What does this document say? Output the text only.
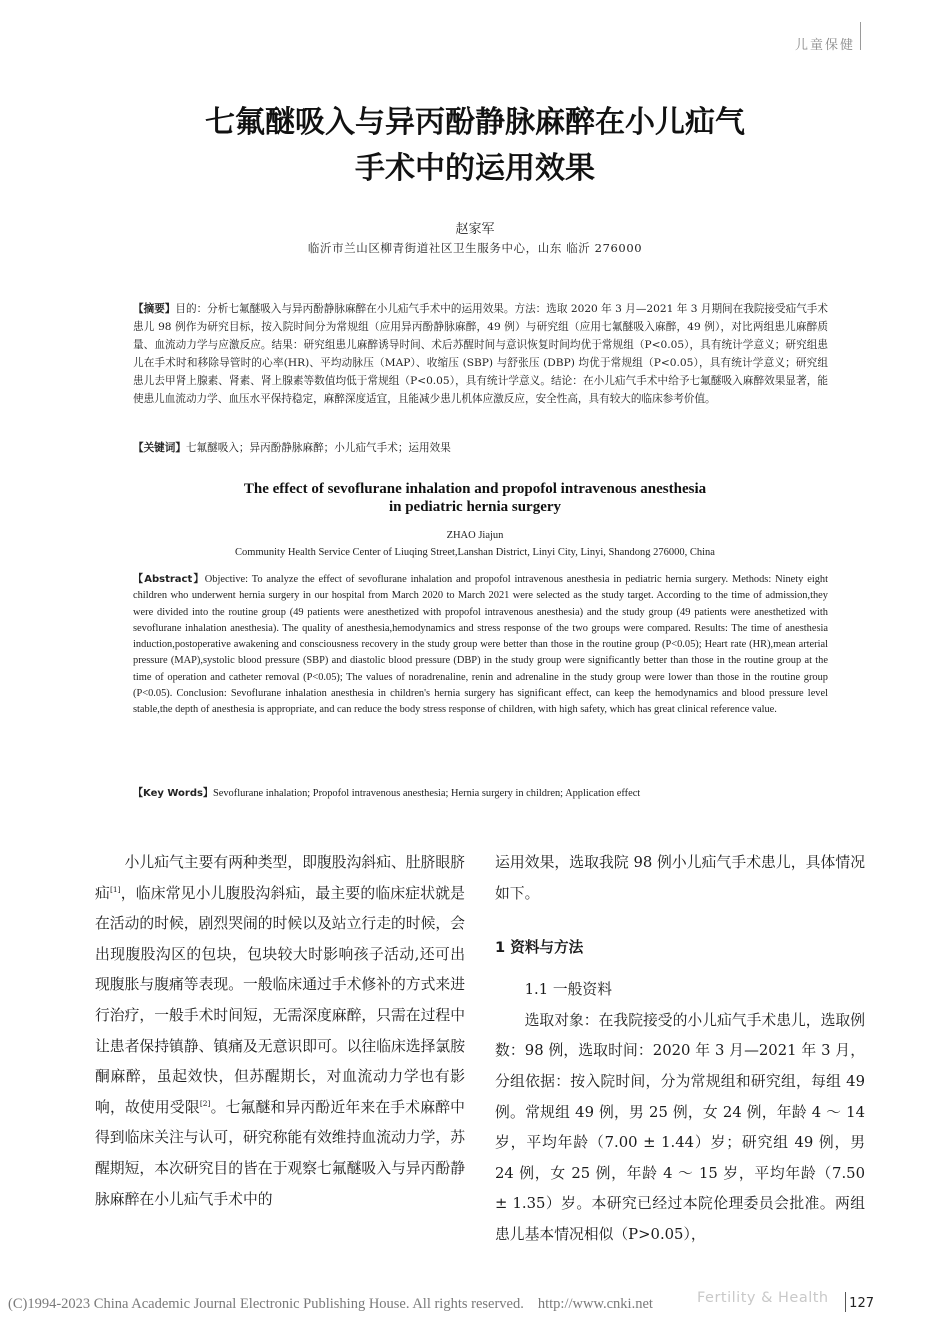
儿童保健
七氟醚吸入与异丙酚静脉麻醉在小儿疝气
手术中的运用效果
赵家军
临沂市兰山区柳青街道社区卫生服务中心，山东 临沂 276000
【摘要】目的：分析七氟醚吸入与异丙酚静脉麻醉在小儿疝气手术中的运用效果。方法：选取 2020 年 3 月—2021 年 3 月期间在我院接受疝气手术患儿 98 例作为研究目标，按入院时间分为常规组（应用异丙酚静脉麻醉，49 例）与研究组（应用七氟醚吸入麻醉，49 例），对比两组患儿麻醉质量、血流动力学与应激反应。结果：研究组患儿麻醉诱导时间、术后苏醒时间与意识恢复时间均优于常规组（P<0.05），具有统计学意义；研究组患儿在手术时和移除导管时的心率(HR)、平均动脉压（MAP）、收缩压 (SBP) 与舒张压 (DBP) 均优于常规组（P<0.05），具有统计学意义；研究组患儿去甲肾上腺素、肾素、肾上腺素等数值均低于常规组（P<0.05），具有统计学意义。结论：在小儿疝气手术中给予七氟醚吸入麻醉效果显著，能使患儿血流动力学、血压水平保持稳定，麻醉深度适宜，且能减少患儿机体应激反应，安全性高，具有较大的临床参考价值。
【关键词】七氟醚吸入；异丙酚静脉麻醉；小儿疝气手术；运用效果
The effect of sevoflurane inhalation and propofol intravenous anesthesia
in pediatric hernia surgery
ZHAO Jiajun
Community Health Service Center of Liuqing Street,Lanshan District, Linyi City, Linyi, Shandong 276000, China
【Abstract】Objective: To analyze the effect of sevoflurane inhalation and propofol intravenous anesthesia in pediatric hernia surgery. Methods: Ninety eight children who underwent hernia surgery in our hospital from March 2020 to March 2021 were selected as the study target. According to the time of admission,they were divided into the routine group (49 patients were anesthetized with propofol intravenous anesthesia) and the study group (49 patients were anesthetized with sevoflurane inhalation anesthesia). The quality of anesthesia,hemodynamics and stress response of the two groups were compared. Results: The time of anesthesia induction,postoperative awakening and consciousness recovery in the study group were better than those in the routine group (P<0.05); Heart rate (HR),mean arterial pressure (MAP),systolic blood pressure (SBP) and diastolic blood pressure (DBP) in the study group were significantly better than those in the routine group at the time of operation and catheter removal (P<0.05); The values of noradrenaline, renin and adrenaline in the study group were lower than those in the routine group (P<0.05). Conclusion: Sevoflurane inhalation anesthesia in children's hernia surgery has significant effect, can keep the hemodynamics and blood pressure level stable,the depth of anesthesia is appropriate, and can reduce the body stress response of children, with high safety, which has great clinical reference value.
【Key Words】Sevoflurane inhalation; Propofol intravenous anesthesia; Hernia surgery in children; Application effect

小儿疝气主要有两种类型，即腹股沟斜疝、肚脐眼脐疝[1]，临床常见小儿腹股沟斜疝，最主要的临床症状就是在活动的时候，剧烈哭闹的时候以及站立行走的时候，会出现腹股沟区的包块，包块较大时影响孩子活动,还可出现腹胀与腹痛等表现。一般临床通过手术修补的方式来进行治疗，一般手术时间短，无需深度麻醉，只需在过程中让患者保持镇静、镇痛及无意识即可。以往临床选择氯胺酮麻醉，虽起效快，但苏醒期长，对血流动力学也有影响，故使用受限[2]。七氟醚和异丙酚近年来在手术麻醉中得到临床关注与认可，研究称能有效维持血流动力学，苏醒期短，本次研究目的皆在于观察七氟醚吸入与异丙酚静脉麻醉在小儿疝气手术中的

运用效果，选取我院 98 例小儿疝气手术患儿，具体情况如下。

1 资料与方法

1.1 一般资料

选取对象：在我院接受的小儿疝气手术患儿，选取例数：98 例，选取时间：2020 年 3 月—2021 年 3 月，分组依据：按入院时间，分为常规组和研究组，每组 49 例。常规组 49 例，男 25 例，女 24 例，年龄 4 ～ 14 岁，平均年龄（7.00 ± 1.44）岁；研究组 49 例，男 24 例，女 25 例，年龄 4 ～ 15 岁，平均年龄（7.50 ± 1.35）岁。本研究已经过本院伦理委员会批准。两组患儿基本情况相似（P>0.05），

(C)1994-2023 China Academic Journal Electronic Publishing House. All rights reserved. http://www.cnki.net	Fertility & Health 127
